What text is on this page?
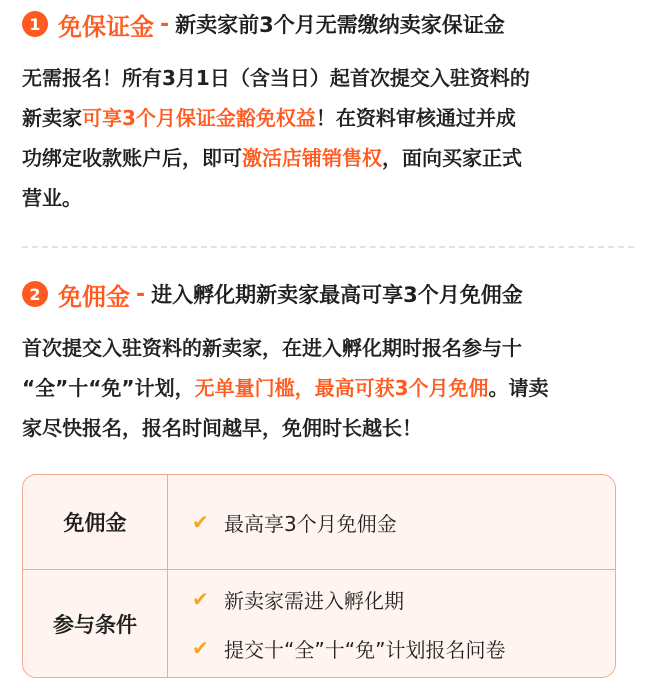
1 免保证金 - 新卖家前3个月无需缴纳卖家保证金
无需报名！所有3月1日（含当日）起首次提交入驻资料的
新卖家可享3个月保证金豁免权益！在资料审核通过并成
功绑定收款账户后，即可激活店铺销售权，面向买家正式
营业。
2 免佣金 - 进入孵化期新卖家最高可享3个月免佣金
首次提交入驻资料的新卖家，在进入孵化期时报名参与十
“全”十“免”计划，无单量门槛，最高可获3个月免佣。请卖
家尽快报名，报名时间越早，免佣时长越长！
免佣金	✔ 最高享3个月免佣金
参与条件
✔ 新卖家需进入孵化期
✔ 提交十“全”十“免”计划报名问卷
